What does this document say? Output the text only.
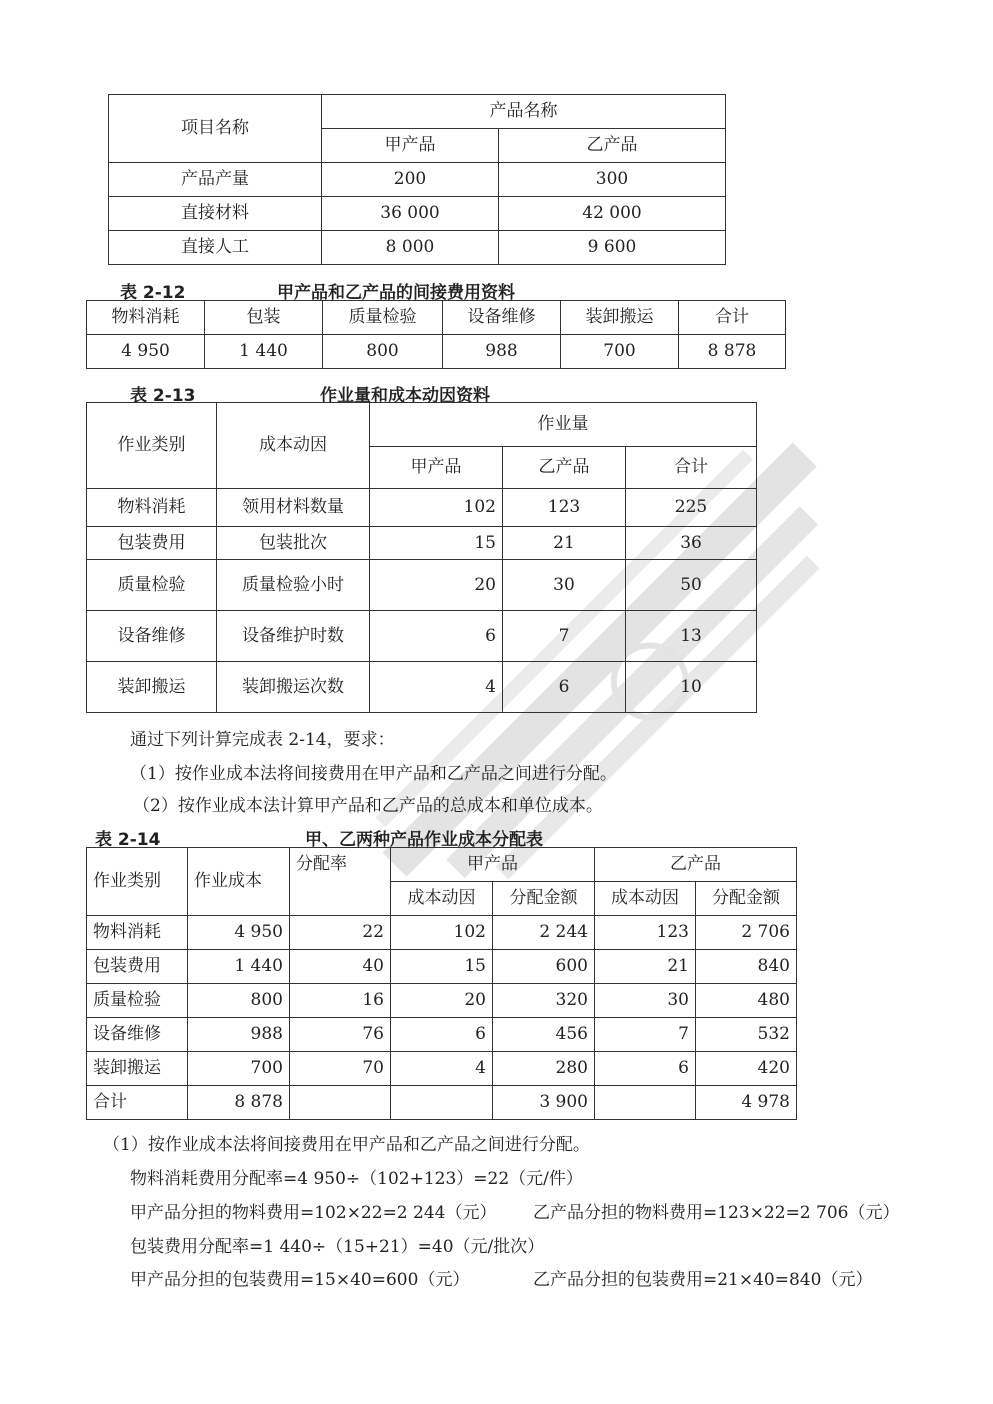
项目名称	产品名称	
	甲产品	乙产品
产品产量	200	300
直接材料	36 000	42 000
直接人工	8 000	9 600
表 2-12	甲产品和乙产品的间接费用资料
物料消耗	包装	质量检验	设备维修	装卸搬运	合计
4 950	1 440	800	988	700	8 878
表 2-13	作业量和成本动因资料
作业类别	成本动因	作业量		
		甲产品	乙产品	合计
物料消耗	领用材料数量	102	123	225
包装费用	包装批次	15	21	36
质量检验	质量检验小时	20	30	50
设备维修	设备维护时数	6	7	13
装卸搬运	装卸搬运次数	4	6	10
通过下列计算完成表 2-14，要求：
（1）按作业成本法将间接费用在甲产品和乙产品之间进行分配。
（2）按作业成本法计算甲产品和乙产品的总成本和单位成本。
表 2-14	甲、乙两种产品作业成本分配表
作业类别	作业成本	分配率	甲产品		乙产品	
			成本动因	分配金额	成本动因	分配金额
物料消耗	4 950	22	102	2 244	123	2 706
包装费用	1 440	40	15	600	21	840
质量检验	800	16	20	320	30	480
设备维修	988	76	6	456	7	532
装卸搬运	700	70	4	280	6	420
合计	8 878			3 900		4 978
（1）按作业成本法将间接费用在甲产品和乙产品之间进行分配。
物料消耗费用分配率=4 950÷（102+123）=22（元/件）
甲产品分担的物料费用=102×22=2 244（元） 乙产品分担的物料费用=123×22=2 706（元）
包装费用分配率=1 440÷（15+21）=40（元/批次）
甲产品分担的包装费用=15×40=600（元）	乙产品分担的包装费用=21×40=840（元）
